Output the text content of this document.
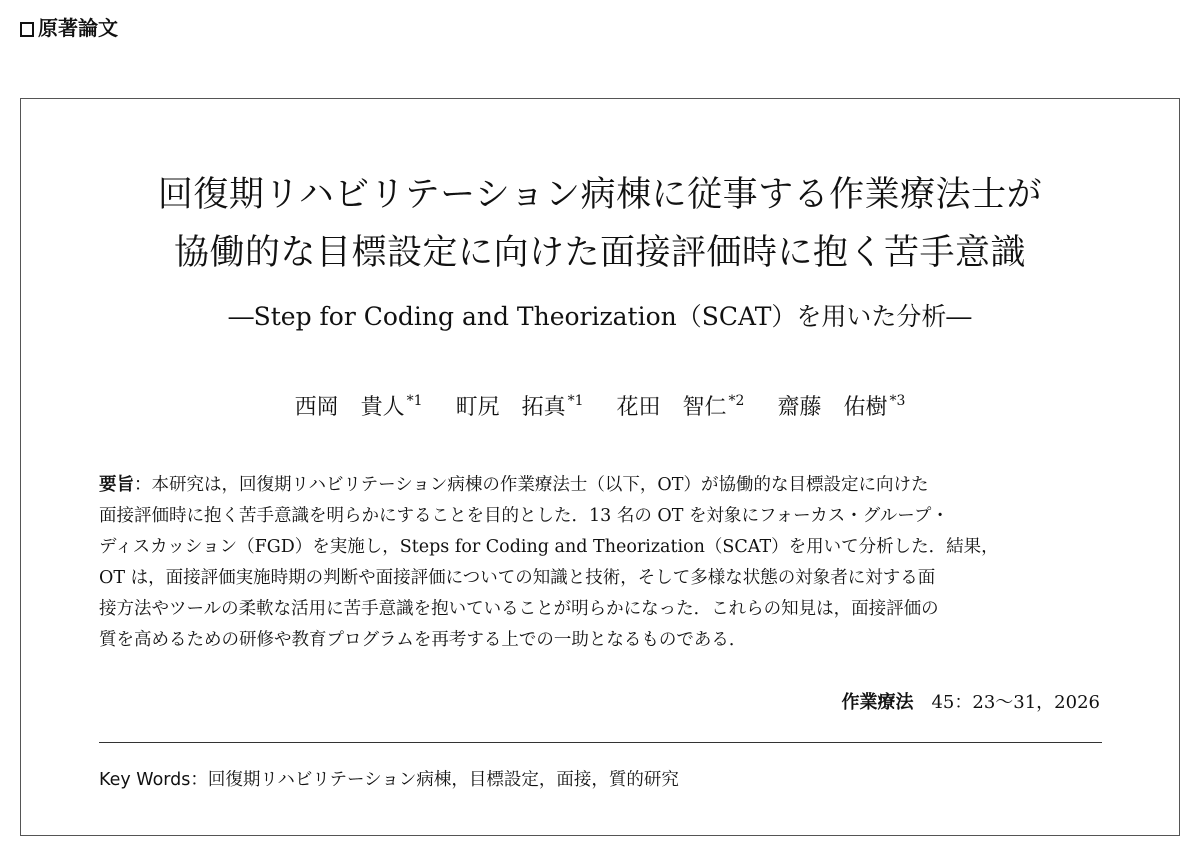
原著論文
回復期リハビリテーション病棟に従事する作業療法士が
協働的な目標設定に向けた面接評価時に抱く苦手意識
―Step for Coding and Theorization（SCAT）を用いた分析―
西岡　貴人 $^{*1}$ 町尻　拓真 $^{*1}$ 花田　智仁 $^{*2}$ 齋藤　佑樹 $^{*3}$
要旨：本研究は，回復期リハビリテーション病棟の作業療法士（以下，OT）が協働的な目標設定に向けた
面接評価時に抱く苦手意識を明らかにすることを目的とした．13 名の OT を対象にフォーカス・グループ・
ディスカッション（FGD）を実施し，Steps for Coding and Theorization（SCAT）を用いて分析した．結果，
OT は，面接評価実施時期の判断や面接評価についての知識と技術，そして多様な状態の対象者に対する面
接方法やツールの柔軟な活用に苦手意識を抱いていることが明らかになった．これらの知見は，面接評価の
質を高めるための研修や教育プログラムを再考する上での一助となるものである．
作業療法 45：23〜31，2026
Key Words：回復期リハビリテーション病棟，目標設定，面接，質的研究
